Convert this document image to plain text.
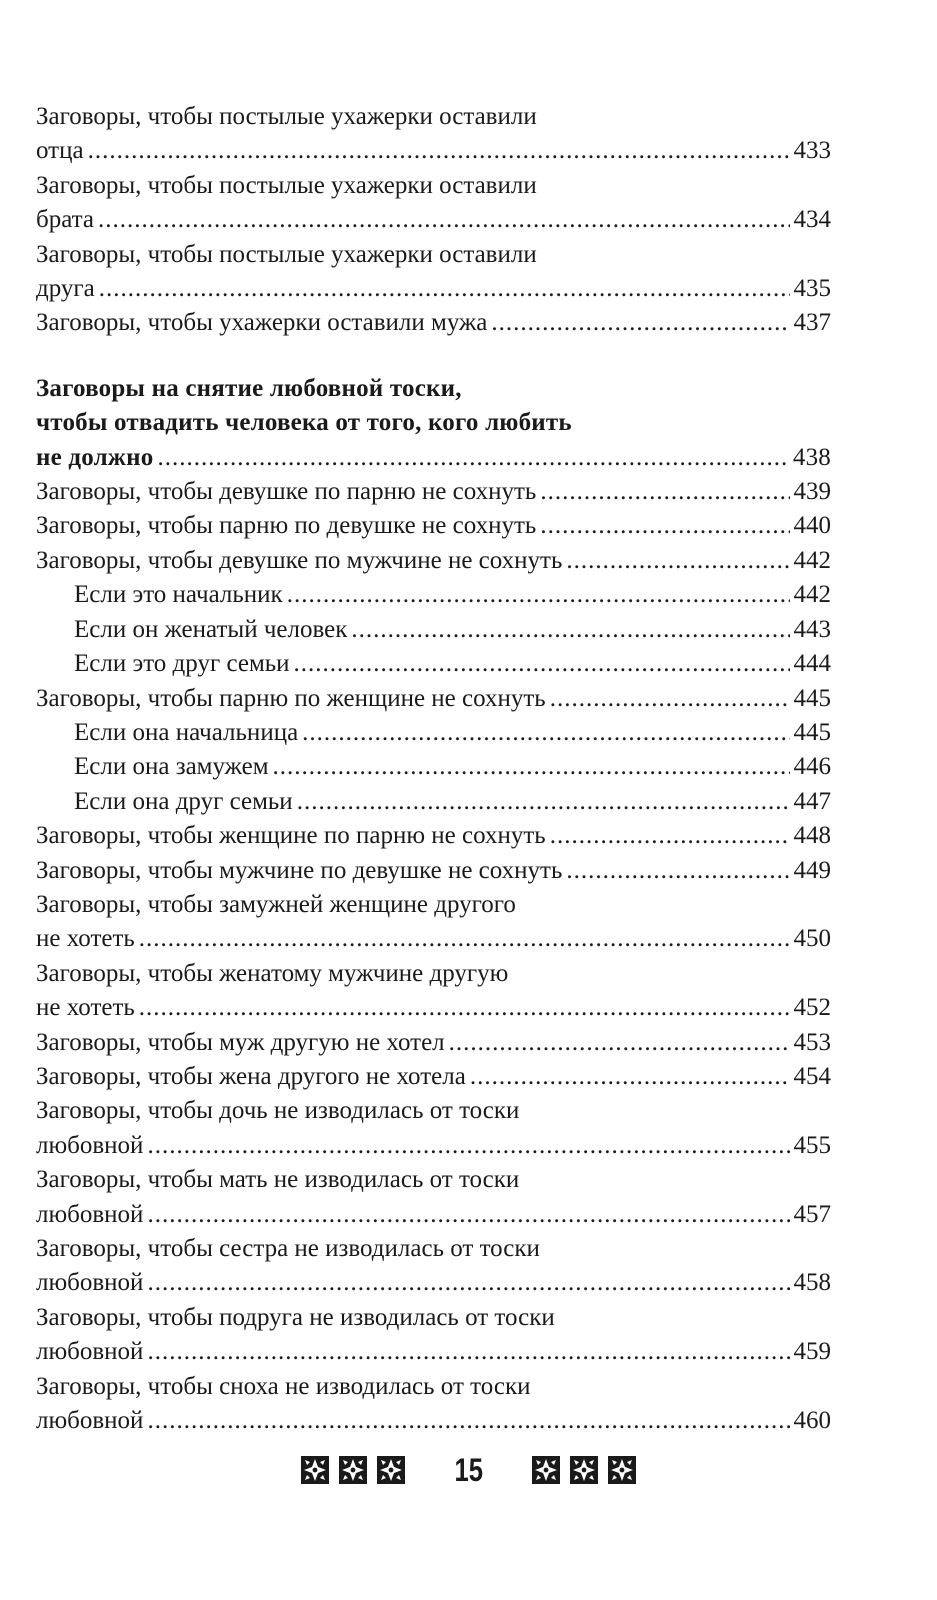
Заговоры, чтобы постылые ухажерки оставили
отца .....	433
Заговоры, чтобы постылые ухажерки оставили
брата .....	434
Заговоры, чтобы постылые ухажерки оставили
друга .....	435
Заговоры, чтобы ухажерки оставили мужа .....	437
Заговоры на снятие любовной тоски,
чтобы отвадить человека от того, кого любить
не должно .....	438
Заговоры, чтобы девушке по парню не сохнуть .....	439
Заговоры, чтобы парню по девушке не сохнуть .....	440
Заговоры, чтобы девушке по мужчине не сохнуть .....	442
Если это начальник .....	442
Если он женатый человек .....	443
Если это друг семьи .....	444
Заговоры, чтобы парню по женщине не сохнуть .....	445
Если она начальница .....	445
Если она замужем .....	446
Если она друг семьи .....	447
Заговоры, чтобы женщине по парню не сохнуть .....	448
Заговоры, чтобы мужчине по девушке не сохнуть .....	449
Заговоры, чтобы замужней женщине другого
не хотеть .....	450
Заговоры, чтобы женатому мужчине другую
не хотеть .....	452
Заговоры, чтобы муж другую не хотел .....	453
Заговоры, чтобы жена другого не хотела .....	454
Заговоры, чтобы дочь не изводилась от тоски
любовной .....	455
Заговоры, чтобы мать не изводилась от тоски
любовной .....	457
Заговоры, чтобы сестра не изводилась от тоски
любовной .....	458
Заговоры, чтобы подруга не изводилась от тоски
любовной .....	459
Заговоры, чтобы сноха не изводилась от тоски
любовной .....	460
15
